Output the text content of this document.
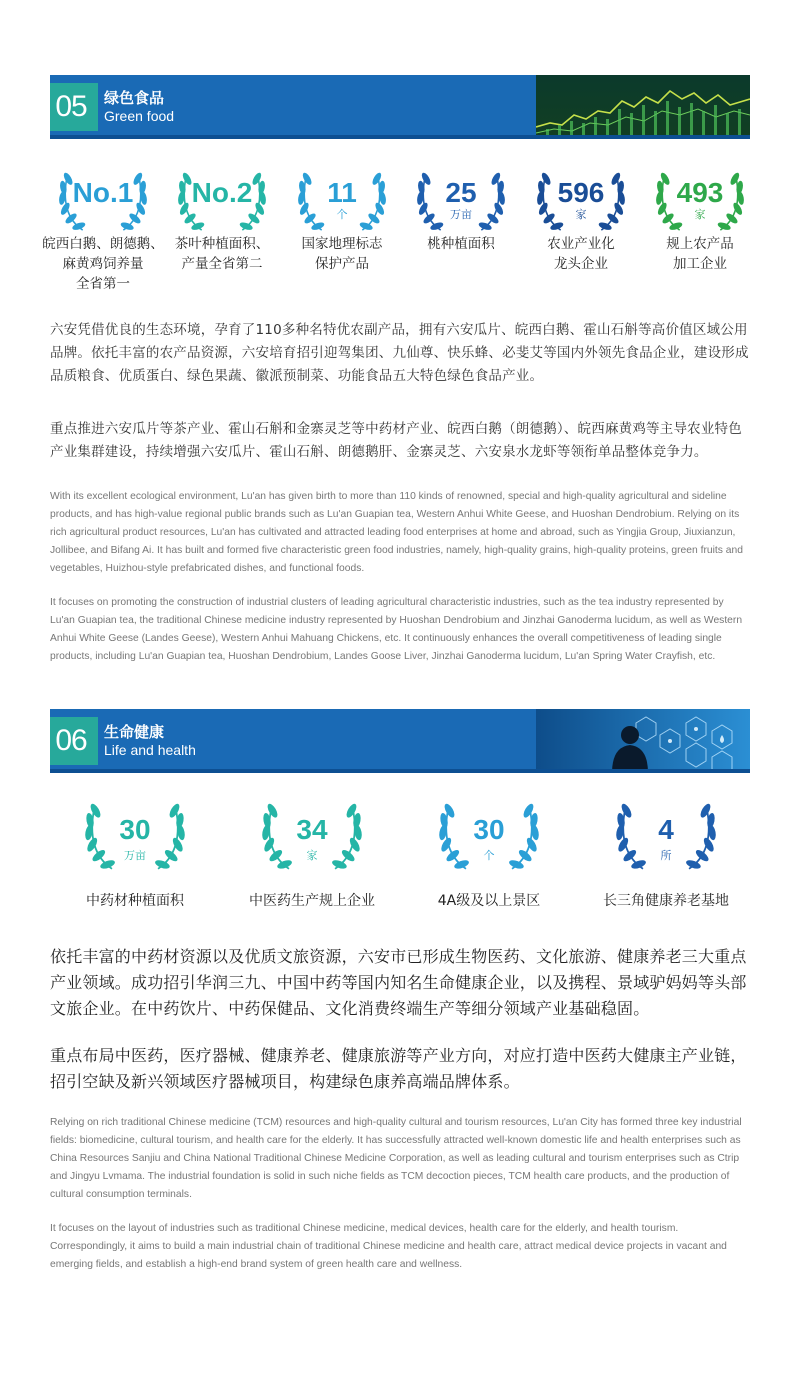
05	绿色食品
Green food
No.1
皖西白鹅、朗德鹅、
麻黄鸡饲养量
全省第一
No.2
茶叶种植面积、
产量全省第二
11
个
国家地理标志
保护产品
25
万亩
桃种植面积
596
家
农业产业化
龙头企业
493
家
规上农产品
加工企业
六安凭借优良的生态环境，孕育了110多种名特优农副产品，拥有六安瓜片、皖西白鹅、霍山石斛等高价值区域公用品牌。依托丰富的农产品资源，六安培育招引迎驾集团、九仙尊、快乐蜂、必斐艾等国内外领先食品企业，建设形成品质粮食、优质蛋白、绿色果蔬、徽派预制菜、功能食品五大特色绿色食品产业。
重点推进六安瓜片等茶产业、霍山石斛和金寨灵芝等中药材产业、皖西白鹅（朗德鹅）、皖西麻黄鸡等主导农业特色产业集群建设，持续增强六安瓜片、霍山石斛、朗德鹅肝、金寨灵芝、六安泉水龙虾等领衔单品整体竞争力。
With its excellent ecological environment, Lu'an has given birth to more than 110 kinds of renowned, special and high-quality agricultural and sideline products, and has high-value regional public brands such as Lu'an Guapian tea, Western Anhui White Geese, and Huoshan Dendrobium. Relying on its rich agricultural product resources, Lu'an has cultivated and attracted leading food enterprises at home and abroad, such as Yingjia Group, Jiuxianzun, Jollibee, and Bifang Ai. It has built and formed five characteristic green food industries, namely, high-quality grains, high-quality proteins, green fruits and vegetables, Huizhou-style prefabricated dishes, and functional foods.
It focuses on promoting the construction of industrial clusters of leading agricultural characteristic industries, such as the tea industry represented by Lu'an Guapian tea, the traditional Chinese medicine industry represented by Huoshan Dendrobium and Jinzhai Ganoderma lucidum, as well as Western Anhui White Geese (Landes Geese), Western Anhui Mahuang Chickens, etc. It continuously enhances the overall competitiveness of leading single products, including Lu'an Guapian tea, Huoshan Dendrobium, Landes Goose Liver, Jinzhai Ganoderma lucidum, Lu'an Spring Water Crayfish, etc.
06	生命健康
Life and health
30
万亩
中药材种植面积
34
家
中医药生产规上企业
30
个
4A级及以上景区
4
所
长三角健康养老基地
依托丰富的中药材资源以及优质文旅资源，六安市已形成生物医药、文化旅游、健康养老三大重点产业领域。成功招引华润三九、中国中药等国内知名生命健康企业，以及携程、景域驴妈妈等头部文旅企业。在中药饮片、中药保健品、文化消费终端生产等细分领域产业基础稳固。
重点布局中医药，医疗器械、健康养老、健康旅游等产业方向，对应打造中医药大健康主产业链，招引空缺及新兴领域医疗器械项目，构建绿色康养高端品牌体系。
Relying on rich traditional Chinese medicine (TCM) resources and high-quality cultural and tourism resources, Lu'an City has formed three key industrial fields: biomedicine, cultural tourism, and health care for the elderly. It has successfully attracted well-known domestic life and health enterprises such as China Resources Sanjiu and China National Traditional Chinese Medicine Corporation, as well as leading cultural and tourism enterprises such as Ctrip and Jingyu Lvmama. The industrial foundation is solid in such niche fields as TCM decoction pieces, TCM health care products, and the production of cultural consumption terminals.
It focuses on the layout of industries such as traditional Chinese medicine, medical devices, health care for the elderly, and health tourism. Correspondingly, it aims to build a main industrial chain of traditional Chinese medicine and health care, attract medical device projects in vacant and emerging fields, and establish a high-end brand system of green health care and wellness.
